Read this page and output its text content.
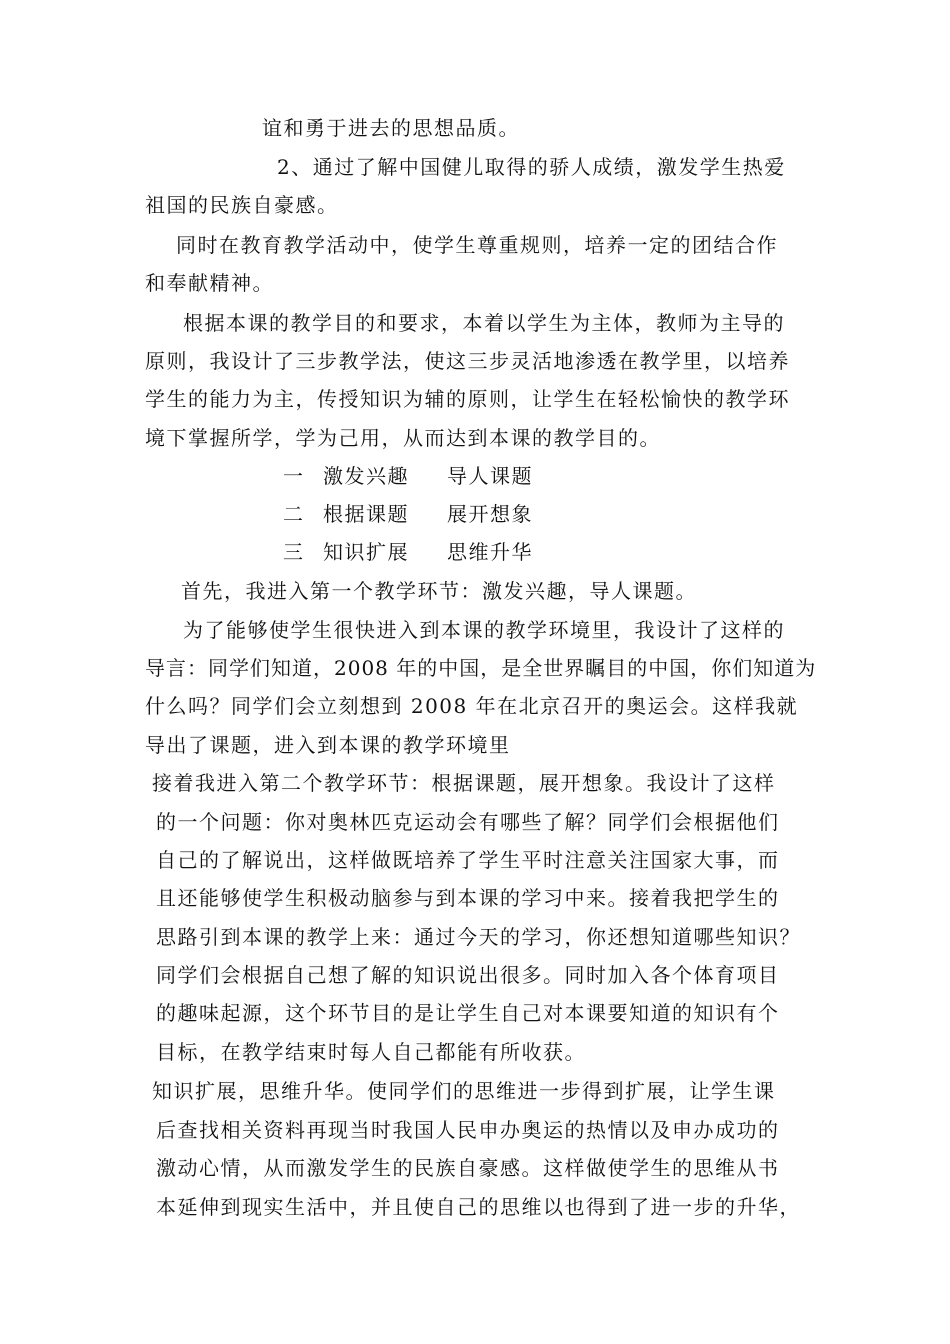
谊和勇于进去的思想品质。
2、通过了解中国健儿取得的骄人成绩，激发学生热爱
祖国的民族自豪感。
同时在教育教学活动中，使学生尊重规则，培养一定的团结合作
和奉献精神。
根据本课的教学目的和要求，本着以学生为主体，教师为主导的
原则，我设计了三步教学法，使这三步灵活地渗透在教学里，以培养
学生的能力为主，传授知识为辅的原则，让学生在轻松愉快的教学环
境下掌握所学，学为己用，从而达到本课的教学目的。
一 激发兴趣 导人课题
二 根据课题 展开想象
三 知识扩展 思维升华
首先，我进入第一个教学环节：激发兴趣，导人课题。
为了能够使学生很快进入到本课的教学环境里，我设计了这样的
导言：同学们知道，2008 年的中国，是全世界瞩目的中国，你们知道为
什么吗？同学们会立刻想到 2008 年在北京召开的奥运会。这样我就
导出了课题，进入到本课的教学环境里
接着我进入第二个教学环节：根据课题，展开想象。我设计了这样
的一个问题：你对奥林匹克运动会有哪些了解？同学们会根据他们
自己的了解说出，这样做既培养了学生平时注意关注国家大事，而
且还能够使学生积极动脑参与到本课的学习中来。接着我把学生的
思路引到本课的教学上来：通过今天的学习，你还想知道哪些知识？
同学们会根据自己想了解的知识说出很多。同时加入各个体育项目
的趣味起源，这个环节目的是让学生自己对本课要知道的知识有个
目标，在教学结束时每人自己都能有所收获。
知识扩展，思维升华。使同学们的思维进一步得到扩展，让学生课
后查找相关资料再现当时我国人民申办奥运的热情以及申办成功的
激动心情，从而激发学生的民族自豪感。这样做使学生的思维从书
本延伸到现实生活中，并且使自己的思维以也得到了进一步的升华，
